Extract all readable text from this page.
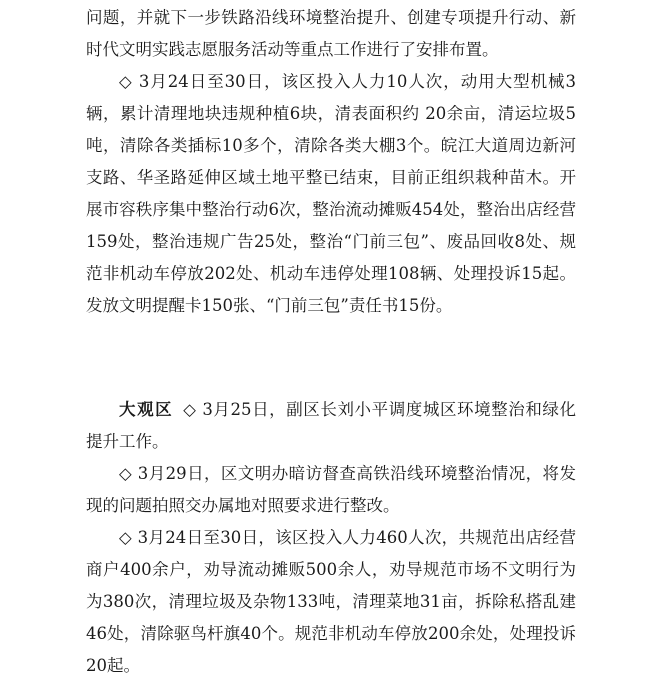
问题，并就下一步铁路沿线环境整治提升、创建专项提升行动、新时代文明实践志愿服务活动等重点工作进行了安排布置。

◇ 3月24日至30日，该区投入人力10人次，动用大型机械3辆，累计清理地块违规种植6块，清表面积约 20余亩，清运垃圾5吨，清除各类插标10多个，清除各类大棚3个。皖江大道周边新河支路、华圣路延伸区域土地平整已结束，目前正组织栽种苗木。开展市容秩序集中整治行动6次，整治流动摊贩454处，整治出店经营159处，整治违规广告25处，整治“门前三包”、废品回收8处、规范非机动车停放202处、机动车违停处理108辆、处理投诉15起。发放文明提醒卡150张、“门前三包”责任书15份。

大观区 ◇ 3月25日，副区长刘小平调度城区环境整治和绿化提升工作。

◇ 3月29日，区文明办暗访督查高铁沿线环境整治情况，将发现的问题拍照交办属地对照要求进行整改。

◇ 3月24日至30日，该区投入人力460人次，共规范出店经营商户400余户，劝导流动摊贩500余人，劝导规范市场不文明行为为380次，清理垃圾及杂物133吨，清理菜地31亩，拆除私搭乱建46处，清除驱鸟杆旗40个。规范非机动车停放200余处，处理投诉20起。
